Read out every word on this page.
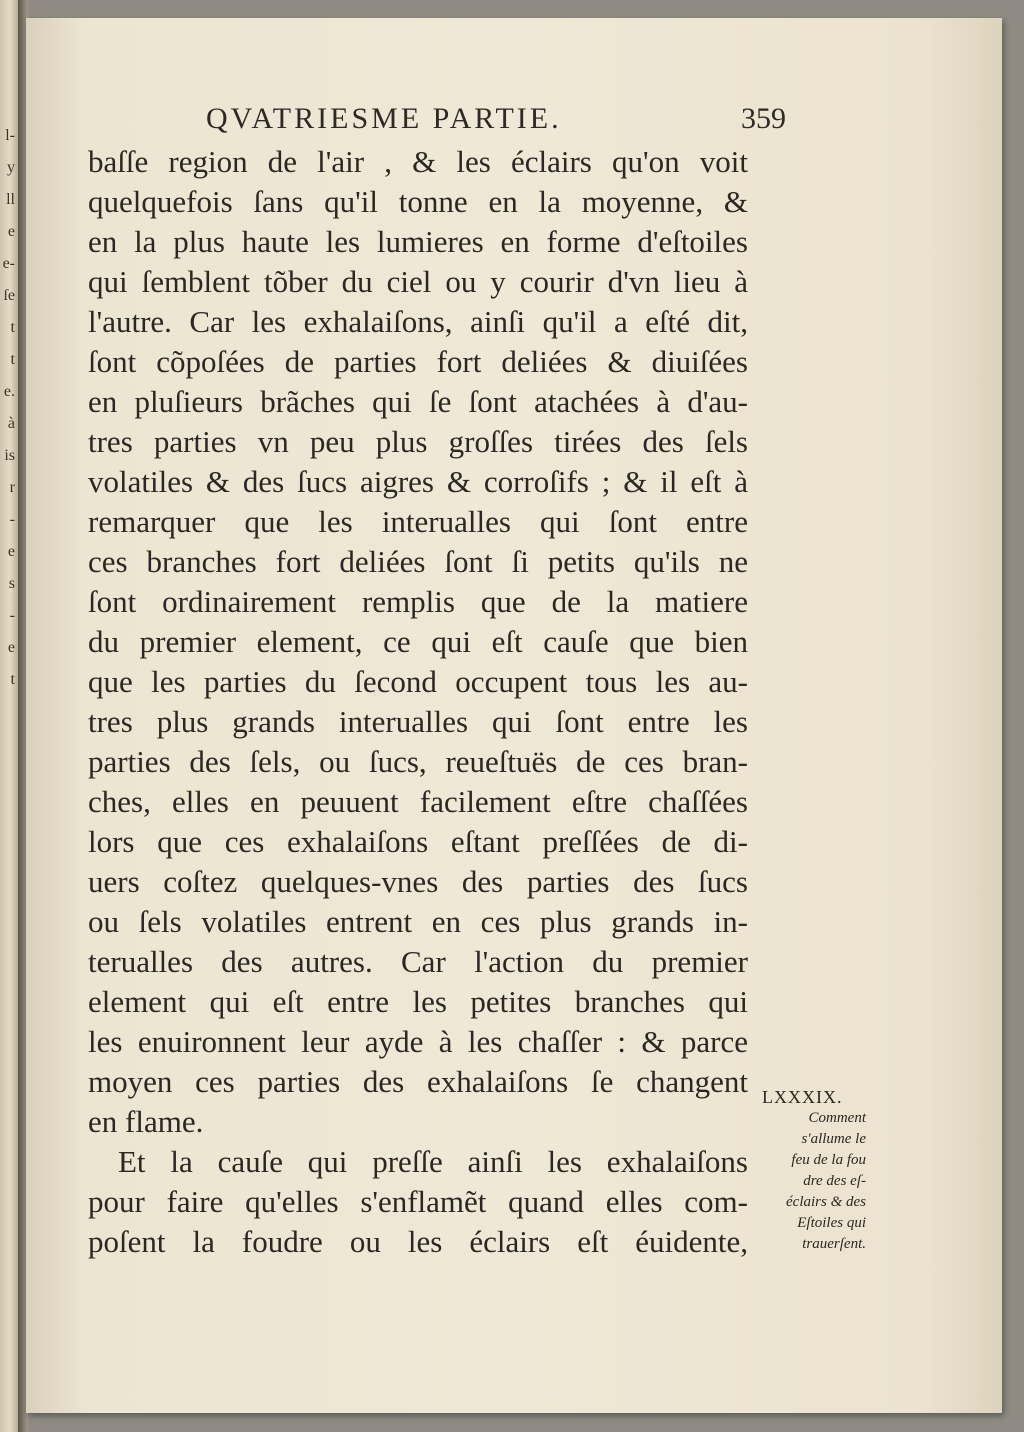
l-
y
ll
e
e-
ſe
t
t
e.
à
is
r
-
e
s
-
e
t
QVATRIESME PARTIE.	359
baſſe region de l'air , & les éclairs qu'on voit
quelquefois ſans qu'il tonne en la moyenne, &
en la plus haute les lumieres en forme d'eſtoiles
qui ſemblent tõber du ciel ou y courir d'vn lieu à
l'autre. Car les exhalaiſons, ainſi qu'il a eſté dit,
ſont cõpoſées de parties fort deliées & diuiſées
en pluſieurs brãches qui ſe ſont atachées à d'au-
tres parties vn peu plus groſſes tirées des ſels
volatiles & des ſucs aigres & corroſifs ; & il eſt à
remarquer que les interualles qui ſont entre
ces branches fort deliées ſont ſi petits qu'ils ne
ſont ordinairement remplis que de la matiere
du premier element, ce qui eſt cauſe que bien
que les parties du ſecond occupent tous les au-
tres plus grands interualles qui ſont entre les
parties des ſels, ou ſucs, reueſtuës de ces bran-
ches, elles en peuuent facilement eſtre chaſſées
lors que ces exhalaiſons eſtant preſſées de di-
uers coſtez quelques-vnes des parties des ſucs
ou ſels volatiles entrent en ces plus grands in-
terualles des autres. Car l'action du premier
element qui eſt entre les petites branches qui
les enuironnent leur ayde à les chaſſer : & parce
moyen ces parties des exhalaiſons ſe changent
en flame.
Et la cauſe qui preſſe ainſi les exhalaiſons
pour faire qu'elles s'enflamẽt quand elles com-
poſent la foudre ou les éclairs eſt éuidente,
LXXXIX.
Comment
s'allume le
feu de la fou
dre des eſ-
éclairs & des
Eſtoiles qui
trauerſent.
